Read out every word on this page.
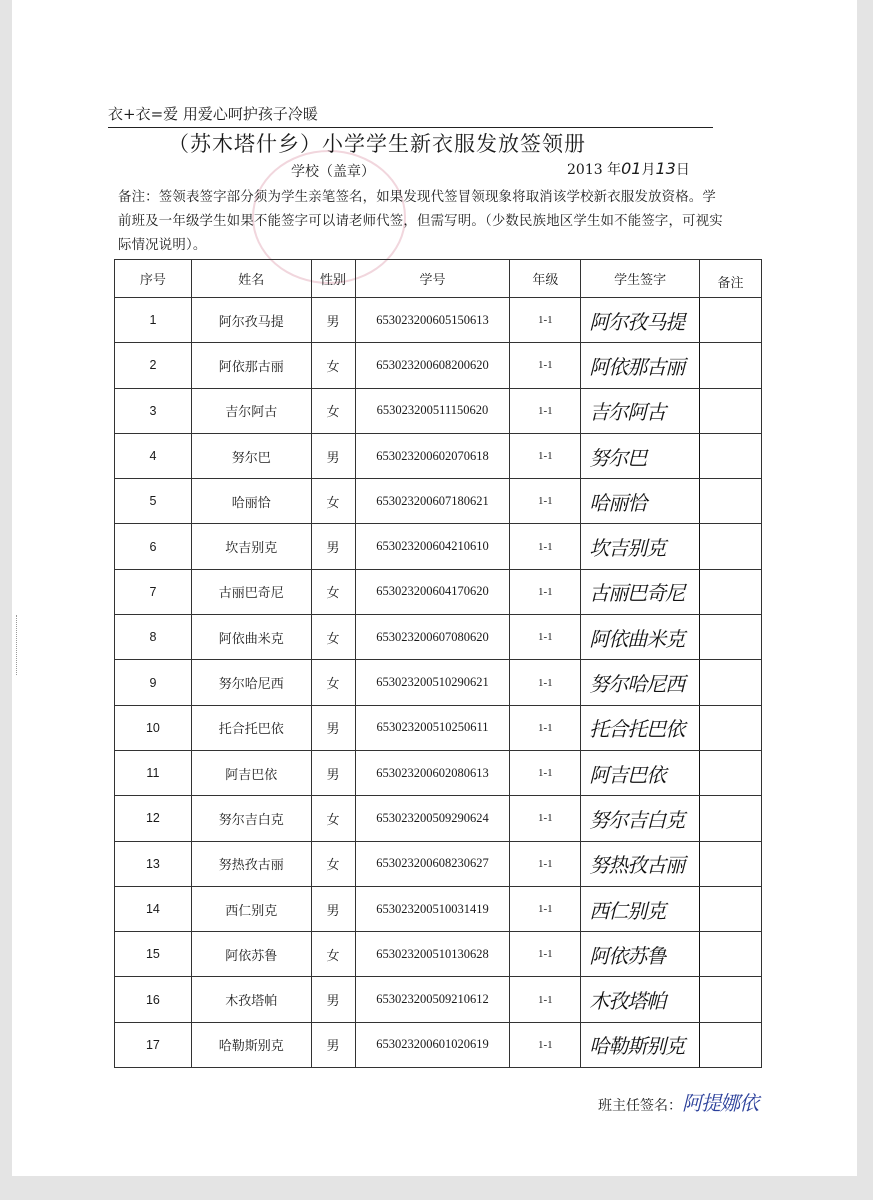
衣+衣=爱 用爱心呵护孩子冷暖
（苏木塔什乡）小学学生新衣服发放签领册
学校（盖章）	2013 年01月13日
备注：签领表签字部分须为学生亲笔签名，如果发现代签冒领现象将取消该学校新衣服发放资格。学前班及一年级学生如果不能签字可以请老师代签，但需写明。（少数民族地区学生如不能签字，可视实际情况说明）。
序号	姓名	性别	学号	年级	学生签字	备注
1	阿尔孜马提	男	653023200605150613	1-1	阿尔孜马提	
2	阿依那古丽	女	653023200608200620	1-1	阿依那古丽	
3	吉尔阿古	女	653023200511150620	1-1	吉尔阿古	
4	努尔巴	男	653023200602070618	1-1	努尔巴	
5	哈丽恰	女	653023200607180621	1-1	哈丽恰	
6	坎吉别克	男	653023200604210610	1-1	坎吉别克	
7	古丽巴奇尼	女	653023200604170620	1-1	古丽巴奇尼	
8	阿依曲米克	女	653023200607080620	1-1	阿依曲米克	
9	努尔哈尼西	女	653023200510290621	1-1	努尔哈尼西	
10	托合托巴依	男	653023200510250611	1-1	托合托巴依	
11	阿吉巴依	男	653023200602080613	1-1	阿吉巴依	
12	努尔吉白克	女	653023200509290624	1-1	努尔吉白克	
13	努热孜古丽	女	653023200608230627	1-1	努热孜古丽	
14	西仁别克	男	653023200510031419	1-1	西仁别克	
15	阿依苏鲁	女	653023200510130628	1-1	阿依苏鲁	
16	木孜塔帕	男	653023200509210612	1-1	木孜塔帕	
17	哈勒斯别克	男	653023200601020619	1-1	哈勒斯别克	
班主任签名：阿提娜依
